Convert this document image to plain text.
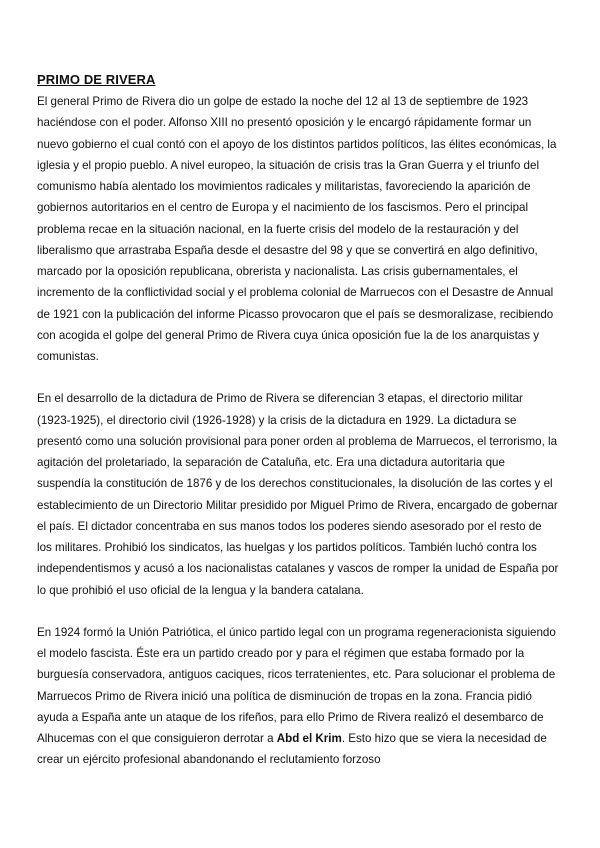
PRIMO DE RIVERA

El general Primo de Rivera dio un golpe de estado la noche del 12 al 13 de septiembre de 1923 haciéndose con el poder. Alfonso XIII no presentó oposición y le encargó rápidamente formar un nuevo gobierno el cual contó con el apoyo de los distintos partidos políticos, las élites económicas, la iglesia y el propio pueblo. A nivel europeo, la situación de crisis tras la Gran Guerra y el triunfo del comunismo había alentado los movimientos radicales y militaristas, favoreciendo la aparición de gobiernos autoritarios en el centro de Europa y el nacimiento de los fascismos. Pero el principal problema recae en la situación nacional, en la fuerte crisis del modelo de la restauración y del liberalismo que arrastraba España desde el desastre del 98 y que se convertirá en algo definitivo, marcado por la oposición republicana, obrerista y nacionalista. Las crisis gubernamentales, el incremento de la conflictividad social y el problema colonial de Marruecos con el Desastre de Annual de 1921 con la publicación del informe Picasso provocaron que el país se desmoralizase, recibiendo con acogida el golpe del general Primo de Rivera cuya única oposición fue la de los anarquistas y comunistas.

En el desarrollo de la dictadura de Primo de Rivera se diferencian 3 etapas, el directorio militar (1923-1925), el directorio civil (1926-1928) y la crisis de la dictadura en 1929. La dictadura se presentó como una solución provisional para poner orden al problema de Marruecos, el terrorismo, la agitación del proletariado, la separación de Cataluña, etc. Era una dictadura autoritaria que suspendía la constitución de 1876 y de los derechos constitucionales, la disolución de las cortes y el establecimiento de un Directorio Militar presidido por Miguel Primo de Rivera, encargado de gobernar el país. El dictador concentraba en sus manos todos los poderes siendo asesorado por el resto de los militares. Prohibió los sindicatos, las huelgas y los partidos políticos. También luchó contra los independentismos y acusó a los nacionalistas catalanes y vascos de romper la unidad de España por lo que prohibió el uso oficial de la lengua y la bandera catalana.

En 1924 formó la Unión Patriótica, el único partido legal con un programa regeneracionista siguiendo el modelo fascista. Éste era un partido creado por y para el régimen que estaba formado por la burguesía conservadora, antiguos caciques, ricos terratenientes, etc. Para solucionar el problema de Marruecos Primo de Rivera inició una política de disminución de tropas en la zona. Francia pidió ayuda a España ante un ataque de los rifeños, para ello Primo de Rivera realizó el desembarco de Alhucemas con el que consiguieron derrotar a Abd el Krim. Esto hizo que se viera la necesidad de crear un ejército profesional abandonando el reclutamiento forzoso
